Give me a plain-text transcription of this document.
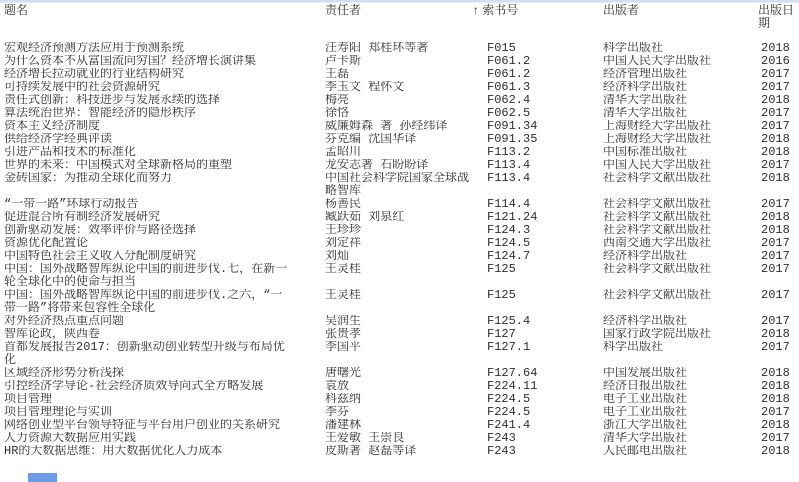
题名	责任者	↑ 索书号	出版者	出版日期
宏观经济预测方法应用于预测系统	汪寿阳 郑桂环等著	F015	科学出版社	2018
为什么资本不从富国流向穷国？经济增长演讲集	卢卡斯	F061.2	中国人民大学出版社	2016
经济增长拉动就业的行业结构研究	王磊	F061.2	经济管理出版社	2017
可持续发展中的社会资源研究	李玉文 程怀文	F061.3	经济科学出版社	2017
责任式创新：科技进步与发展永续的选择	梅亮	F062.4	清华大学出版社	2018
算法统治世界：智能经济的隐形秩序	徐恪	F062.5	清华大学出版社	2017
资本主义经济制度	威廉姆森 著 孙经纬译	F091.34	上海财经大学出版社	2017
供给经济学经典评读	芬克编 沈国华译	F091.35	上海财经大学出版社	2018
引进产品和技术的标准化	孟昭川	F113.2	中国标准出版社	2018
世界的未来：中国模式对全球新格局的重塑	龙安志著 石盼盼译	F113.4	中国人民大学出版社	2017
金砖国家：为推动全球化而努力	中国社会科学院国家全球战略智库	F113.4	社会科学文献出版社	2018
“一带一路”环球行动报告	杨善民	F114.4	社会科学文献出版社	2017
促进混合所有制经济发展研究	臧跃茹 刘泉红	F121.24	社会科学文献出版社	2018
创新驱动发展：效率评价与路径选择	王珍珍	F124.3	社会科学文献出版社	2018
资源优化配置论	刘定祥	F124.5	西南交通大学出版社	2017
中国特色社会主义收入分配制度研究	刘灿	F124.7	经济科学出版社	2017
中国：国外战略智库纵论中国的前进步伐.七，在新一轮全球化中的使命与担当	王灵桂	F125	社会科学文献出版社	2017
中国：国外战略智库纵论中国的前进步伐.之六，“一带一路”将带来包容性全球化	王灵桂	F125	社会科学文献出版社	2017
对外经济热点重点问题	吴润生	F125.4	经济科学出版社	2017
智库论政，陕西卷	张贵孝	F127	国家行政学院出版社	2018
首都发展报告2017：创新驱动创业转型升级与布局优化	李国平	F127.1	科学出版社	2017
区域经济形势分析浅探	唐曙光	F127.64	中国发展出版社	2018
引控经济学导论-社会经济质效导向式全方略发展	袁放	F224.11	经济日报出版社	2018
项目管理	科兹纳	F224.5	电子工业出版社	2018
项目管理理论与实训	李芬	F224.5	电子工业出版社	2017
网络创业型平台领导特征与平台用户创业的关系研究	潘建林	F241.4	浙江大学出版社	2018
人力资源大数据应用实践	王爱敏 王崇良	F243	清华大学出版社	2017
HR的大数据思维：用大数据优化人力成本	皮斯著 赵磊等译	F243	人民邮电出版社	2018
